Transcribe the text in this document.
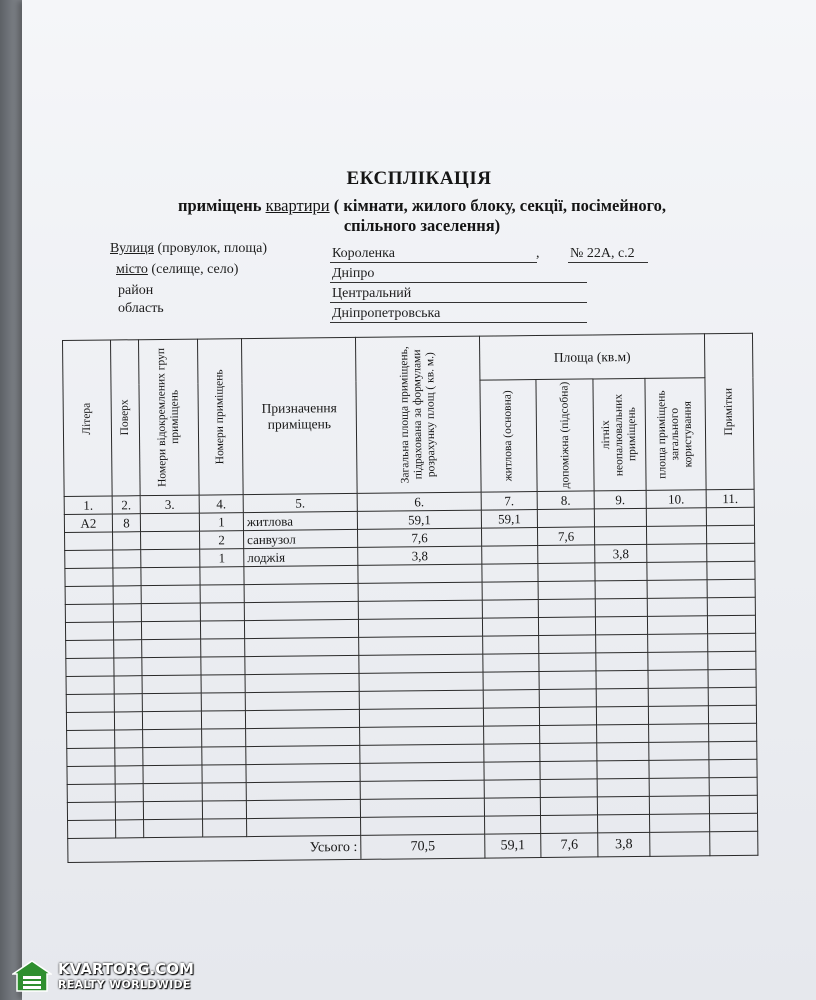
ЕКСПЛІКАЦІЯ
приміщень квартири ( кімнати, жилого блоку, секції, посімейного,
спільного заселення)
Вулиця (провулок, площа)	Короленка	, № 22А, с.2
місто (селище, село)	Дніпро
район	Центральний
область	Дніпропетровська
Літера	Поверх	Номери відокремлених груп приміщень	Номери приміщень	Призначення приміщень	Загальна площа приміщень, підрахована за формулами розрахунку площ ( кв. м.)	Площа (кв.м)				Примітки

						житлова (основна)	допоміжна (підсобна)	літніх неопалювальних приміщень	площа приміщень загального користування	

1.	2.	3.	4.	5.	6.	7.	8.	9.	10.	11.
А2	8		1	житлова	59,1	59,1				
			2	санвузол	7,6		7,6			
			1	лоджія	3,8			3,8		

			Усього :		70,5	59,1	7,6	3,8		
KVARTORG.COM
REALTY WORLDWIDE
